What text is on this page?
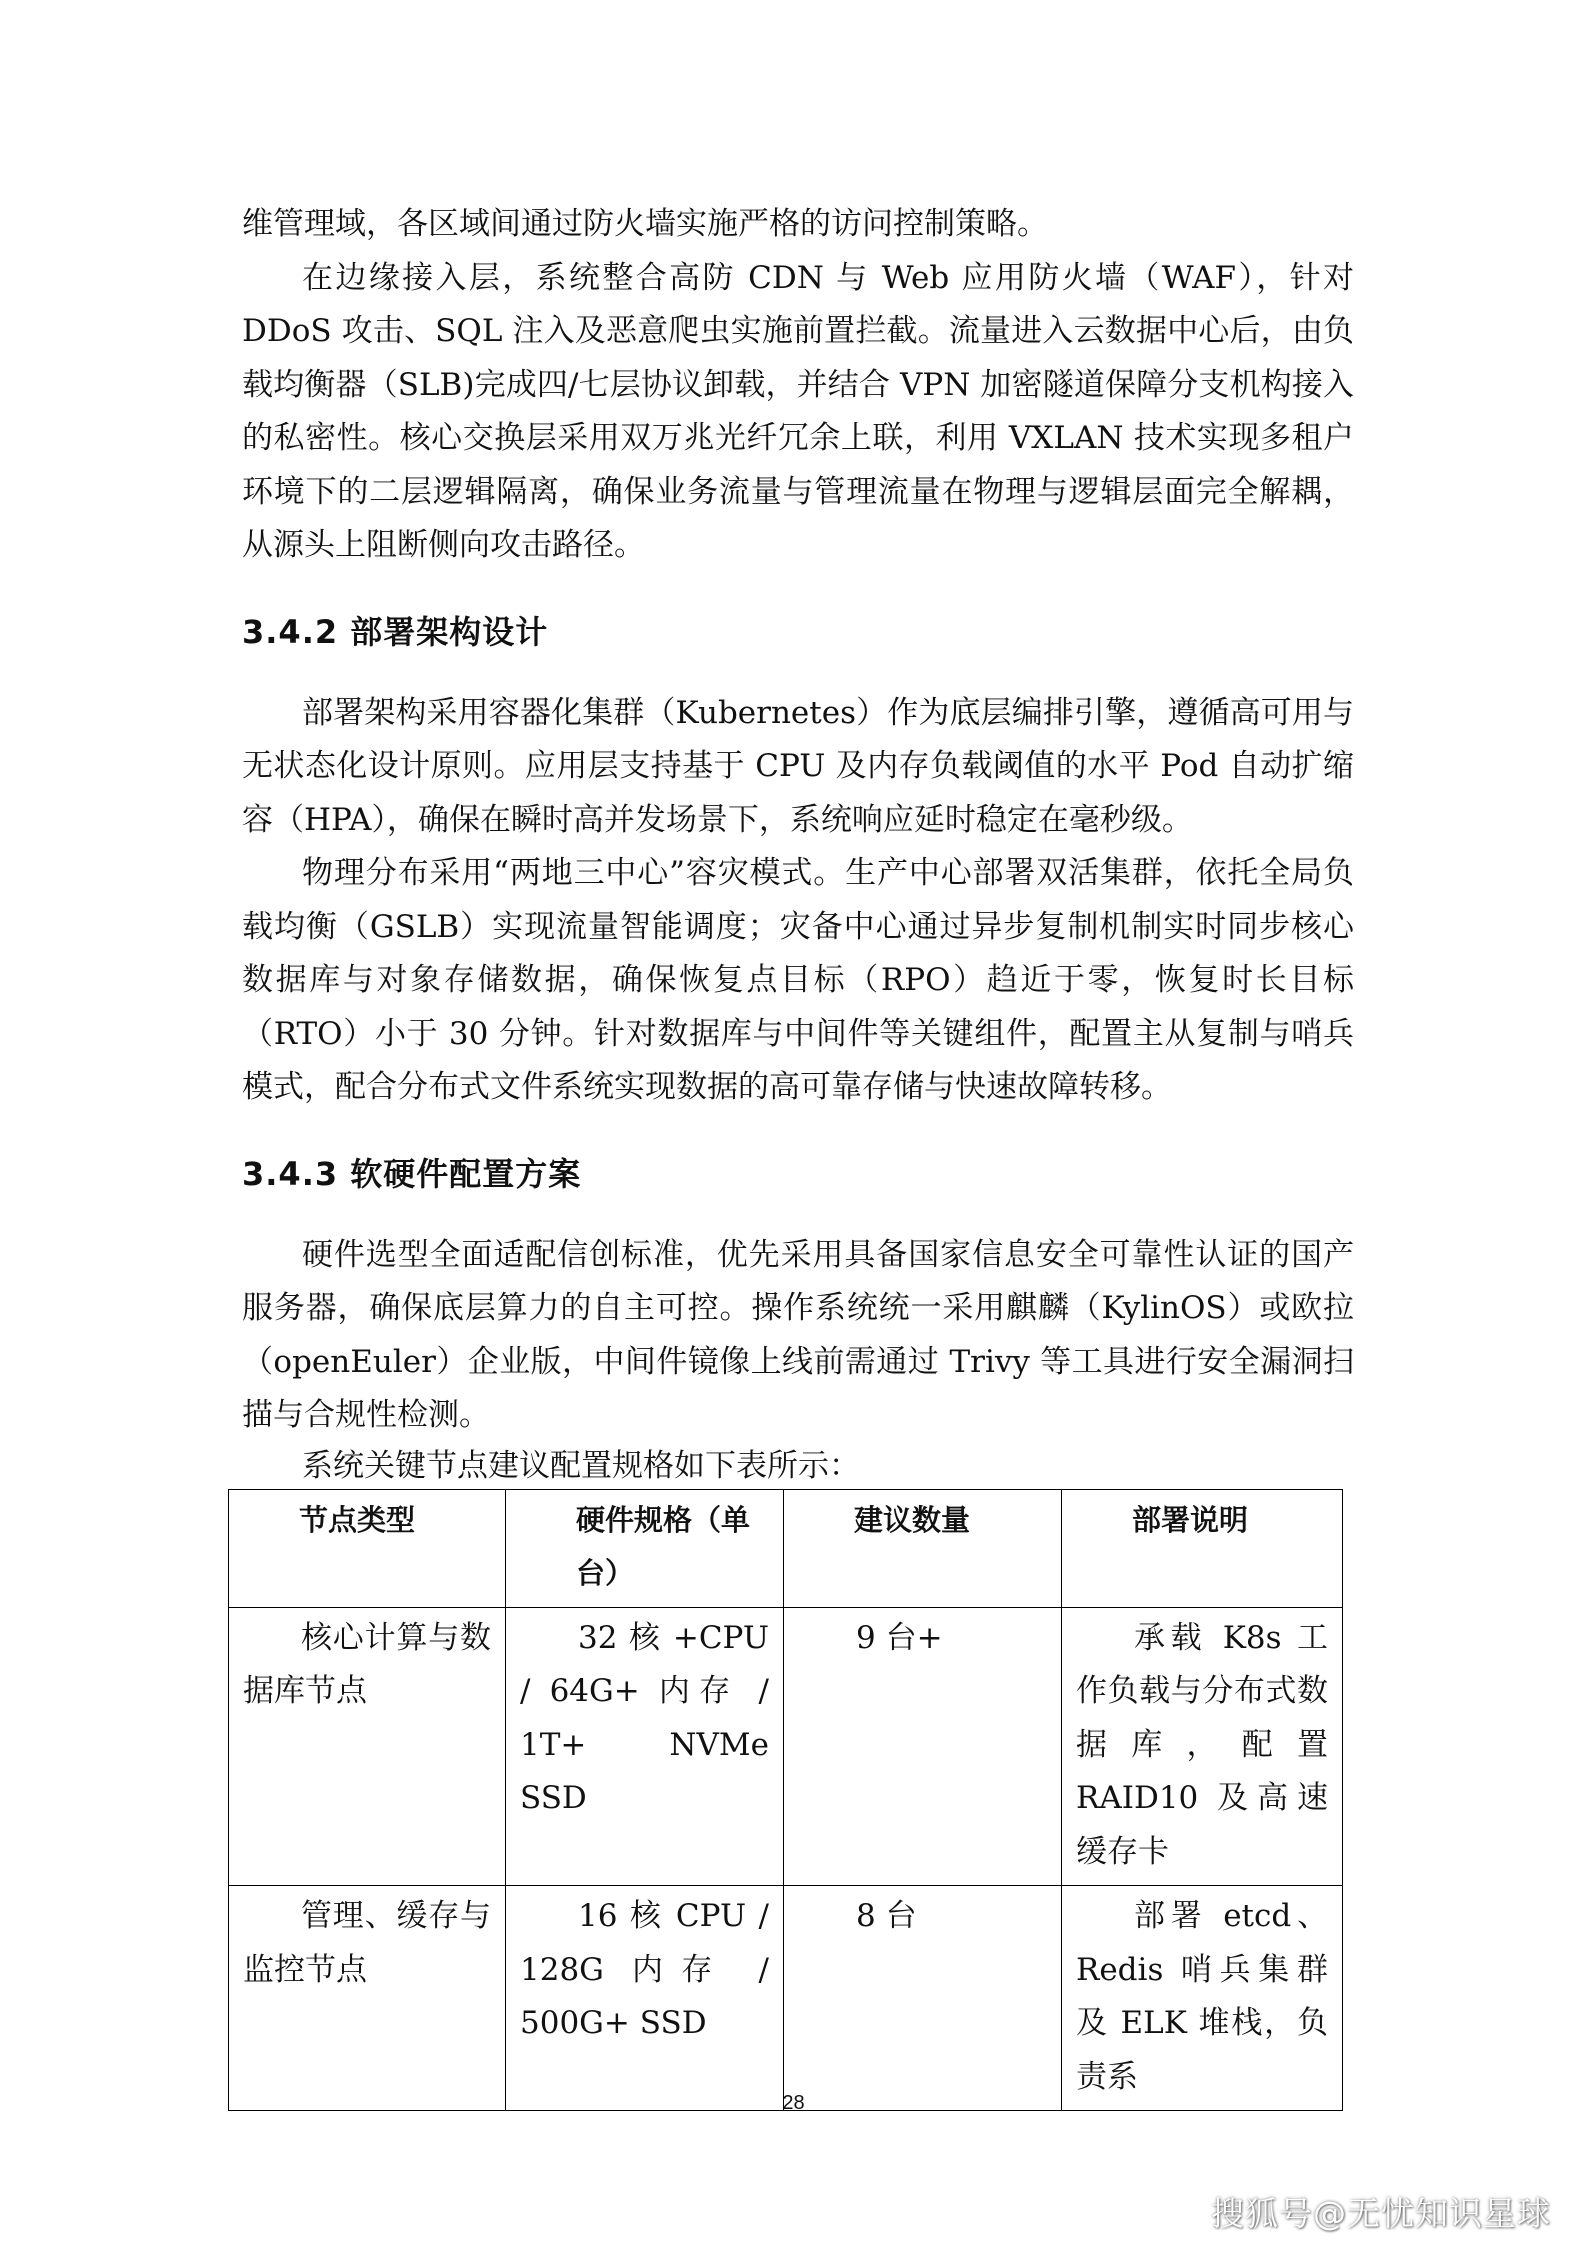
维管理域，各区域间通过防火墙实施严格的访问控制策略。

在边缘接入层，系统整合高防 CDN 与 Web 应用防火墙（WAF），针对 DDoS 攻击、SQL 注入及恶意爬虫实施前置拦截。流量进入云数据中心后，由负载均衡器（SLB)完成四/七层协议卸载，并结合 VPN 加密隧道保障分支机构接入的私密性。核心交换层采用双万兆光纤冗余上联，利用 VXLAN 技术实现多租户环境下的二层逻辑隔离，确保业务流量与管理流量在物理与逻辑层面完全解耦，从源头上阻断侧向攻击路径。

3.4.2 部署架构设计

部署架构采用容器化集群（Kubernetes）作为底层编排引擎，遵循高可用与无状态化设计原则。应用层支持基于 CPU 及内存负载阈值的水平 Pod 自动扩缩容（HPA），确保在瞬时高并发场景下，系统响应延时稳定在毫秒级。

物理分布采用“两地三中心”容灾模式。生产中心部署双活集群，依托全局负载均衡（GSLB）实现流量智能调度；灾备中心通过异步复制机制实时同步核心数据库与对象存储数据，确保恢复点目标（RPO）趋近于零，恢复时长目标（RTO）小于 30 分钟。针对数据库与中间件等关键组件，配置主从复制与哨兵模式，配合分布式文件系统实现数据的高可靠存储与快速故障转移。

3.4.3 软硬件配置方案

硬件选型全面适配信创标准，优先采用具备国家信息安全可靠性认证的国产服务器，确保底层算力的自主可控。操作系统统一采用麒麟（KylinOS）或欧拉（openEuler）企业版，中间件镜像上线前需通过 Trivy 等工具进行安全漏洞扫描与合规性检测。

系统关键节点建议配置规格如下表所示：

节点类型	硬件规格（单台）	建议数量	部署说明
核心计算与数据库节点	32 核 +CPU / 64G+ 内存 / 1T+ NVMe SSD	9 台+	承载 K8s 工作负载与分布式数据库，配置 RAID10 及高速缓存卡
管理、缓存与监控节点	16 核 CPU / 128G 内存 / 500G+ SSD	8 台	部署 etcd、Redis 哨兵集群及 ELK 堆栈，负责系
28
搜狐号@无忧知识星球
